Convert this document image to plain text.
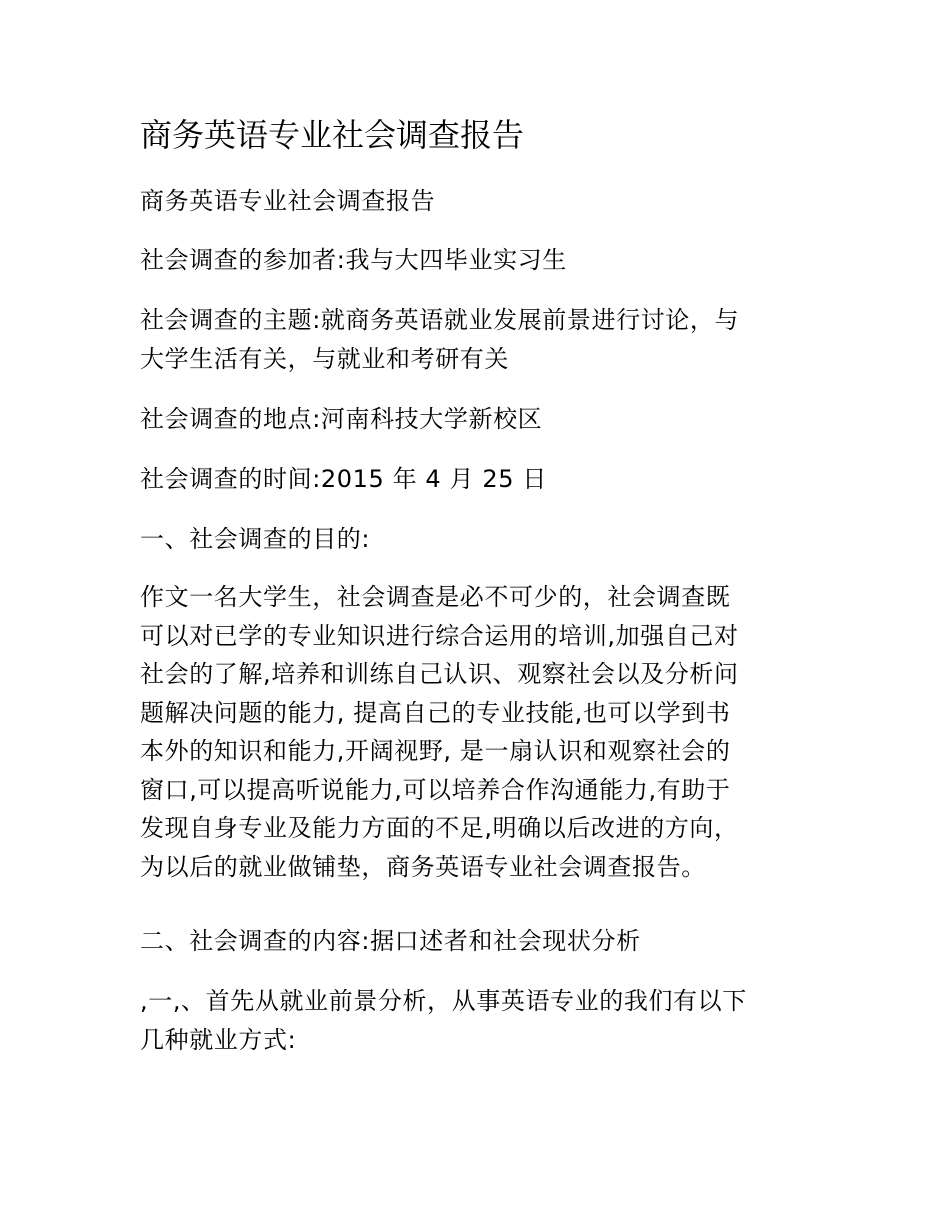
商务英语专业社会调查报告

商务英语专业社会调查报告

社会调查的参加者:我与大四毕业实习生

社会调查的主题:就商务英语就业发展前景进行讨论，与
大学生活有关，与就业和考研有关

社会调查的地点:河南科技大学新校区

社会调查的时间:2015 年 4 月 25 日

一、社会调查的目的:

作文一名大学生，社会调查是必不可少的，社会调查既
可以对已学的专业知识进行综合运用的培训,加强自己对
社会的了解,培养和训练自己认识、观察社会以及分析问
题解决问题的能力, 提高自己的专业技能,也可以学到书
本外的知识和能力,开阔视野, 是一扇认识和观察社会的
窗口,可以提高听说能力,可以培养合作沟通能力,有助于
发现自身专业及能力方面的不足,明确以后改进的方向，
为以后的就业做铺垫，商务英语专业社会调查报告。

二、社会调查的内容:据口述者和社会现状分析

,一,、首先从就业前景分析，从事英语专业的我们有以下
几种就业方式:
